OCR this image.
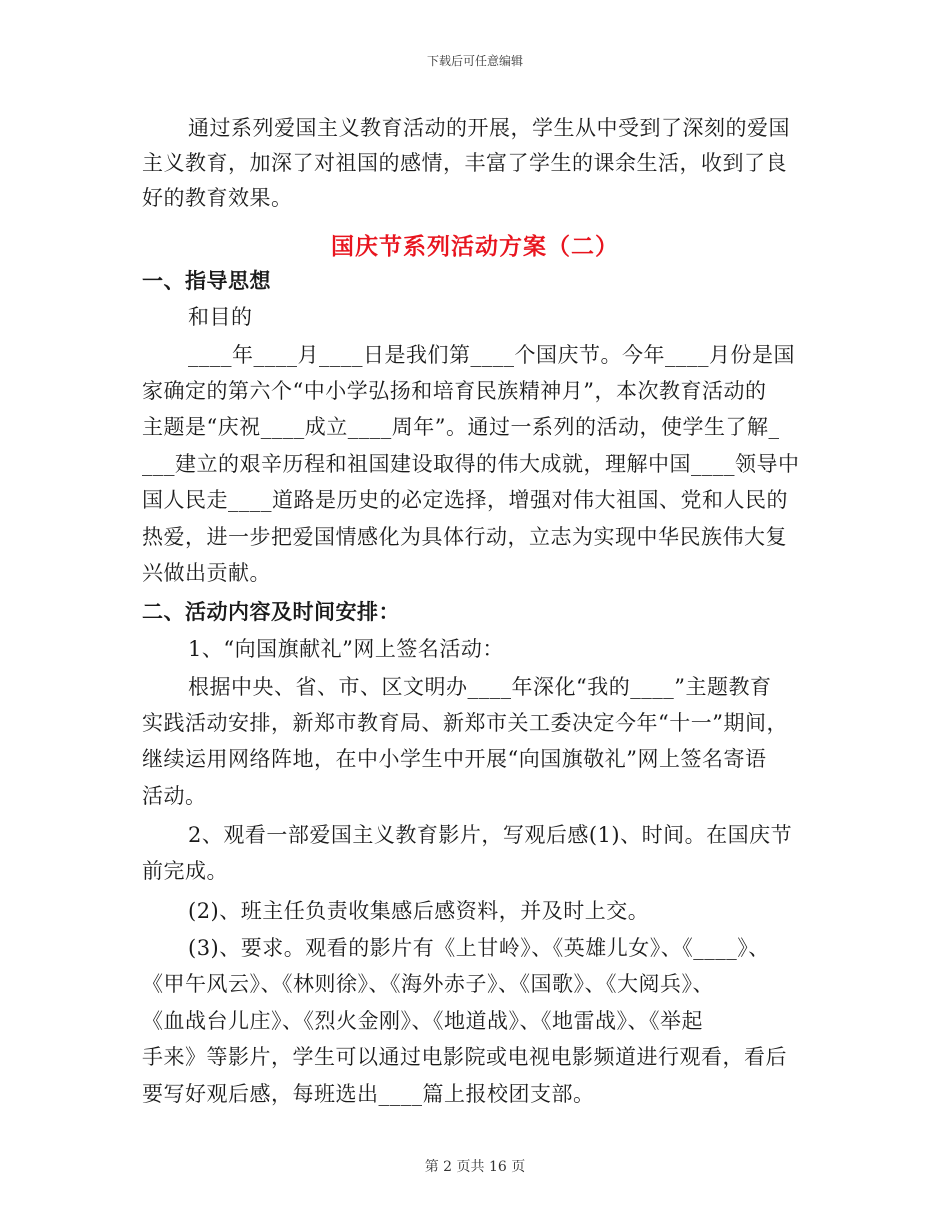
下载后可任意编辑
通过系列爱国主义教育活动的开展，学生从中受到了深刻的爱国
主义教育，加深了对祖国的感情，丰富了学生的课余生活，收到了良
好的教育效果。
国庆节系列活动方案（二）
一、指导思想
和目的
____年____月____日是我们第____个国庆节。今年____月份是国
家确定的第六个“中小学弘扬和培育民族精神月”，本次教育活动的
主题是“庆祝____成立____周年”。通过一系列的活动，使学生了解_
___建立的艰辛历程和祖国建设取得的伟大成就，理解中国____领导中
国人民走____道路是历史的必定选择，增强对伟大祖国、党和人民的
热爱，进一步把爱国情感化为具体行动，立志为实现中华民族伟大复
兴做出贡献。
二、活动内容及时间安排：
1、“向国旗献礼”网上签名活动：
根据中央、省、市、区文明办____年深化“我的____”主题教育
实践活动安排，新郑市教育局、新郑市关工委决定今年“十一”期间，
继续运用网络阵地，在中小学生中开展“向国旗敬礼”网上签名寄语
活动。
2、观看一部爱国主义教育影片，写观后感(1)、时间。在国庆节
前完成。
(2)、班主任负责收集感后感资料，并及时上交。
(3)、要求。观看的影片有《上甘岭》、《英雄儿女》、《____》、
《甲午风云》、《林则徐》、《海外赤子》、《国歌》、《大阅兵》、
《血战台儿庄》、《烈火金刚》、《地道战》、《地雷战》、《举起
手来》等影片，学生可以通过电影院或电视电影频道进行观看，看后
要写好观后感，每班选出____篇上报校团支部。
第 2 页共 16 页
